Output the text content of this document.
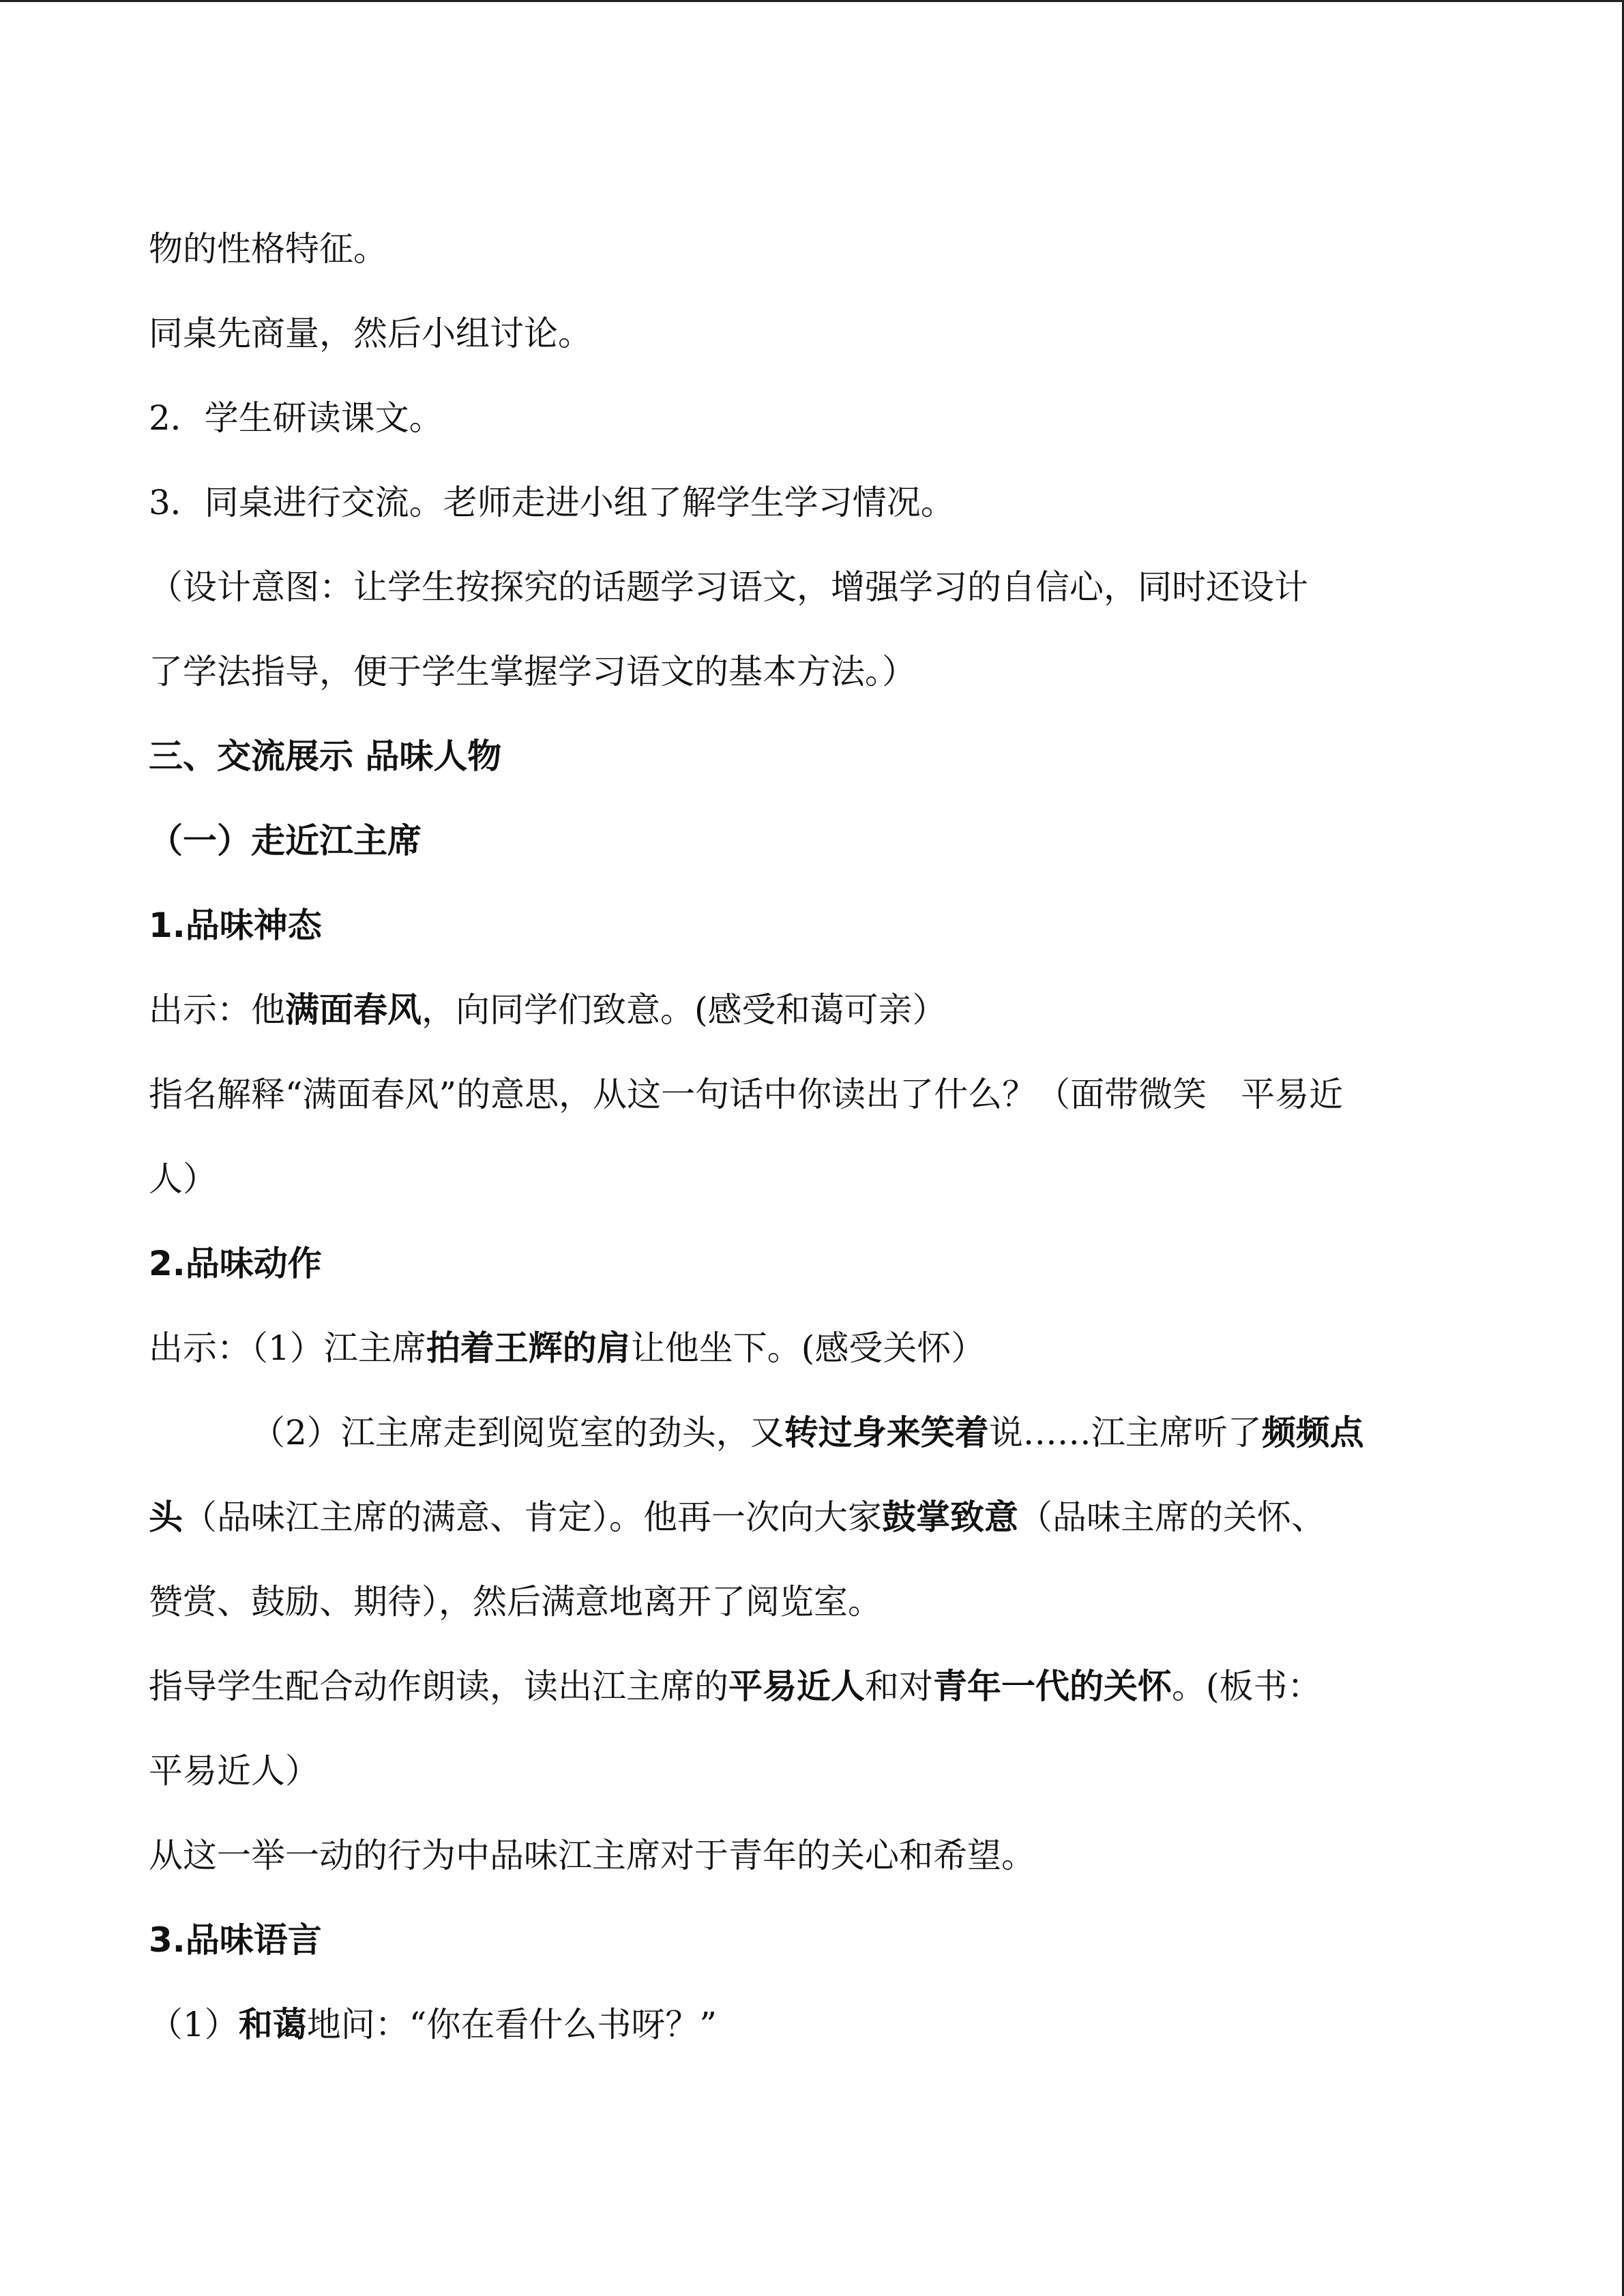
物的性格特征。
同桌先商量，然后小组讨论。
2．学生研读课文。
3．同桌进行交流。老师走进小组了解学生学习情况。
（设计意图：让学生按探究的话题学习语文，增强学习的自信心，同时还设计
了学法指导，便于学生掌握学习语文的基本方法。）
三、交流展示 品味人物
（一）走近江主席
1.品味神态
出示：他满面春风，向同学们致意。(感受和蔼可亲）
指名解释“满面春风”的意思，从这一句话中你读出了什么？（面带微笑　平易近
人）
2.品味动作
出示：（1）江主席拍着王辉的肩让他坐下。(感受关怀）
（2）江主席走到阅览室的劲头，又转过身来笑着说……江主席听了频频点
头（品味江主席的满意、肯定）。他再一次向大家鼓掌致意（品味主席的关怀、
赞赏、鼓励、期待），然后满意地离开了阅览室。
指导学生配合动作朗读，读出江主席的平易近人和对青年一代的关怀。(板书：
平易近人）
从这一举一动的行为中品味江主席对于青年的关心和希望。
3.品味语言
（1）和蔼地问：“你在看什么书呀？”
